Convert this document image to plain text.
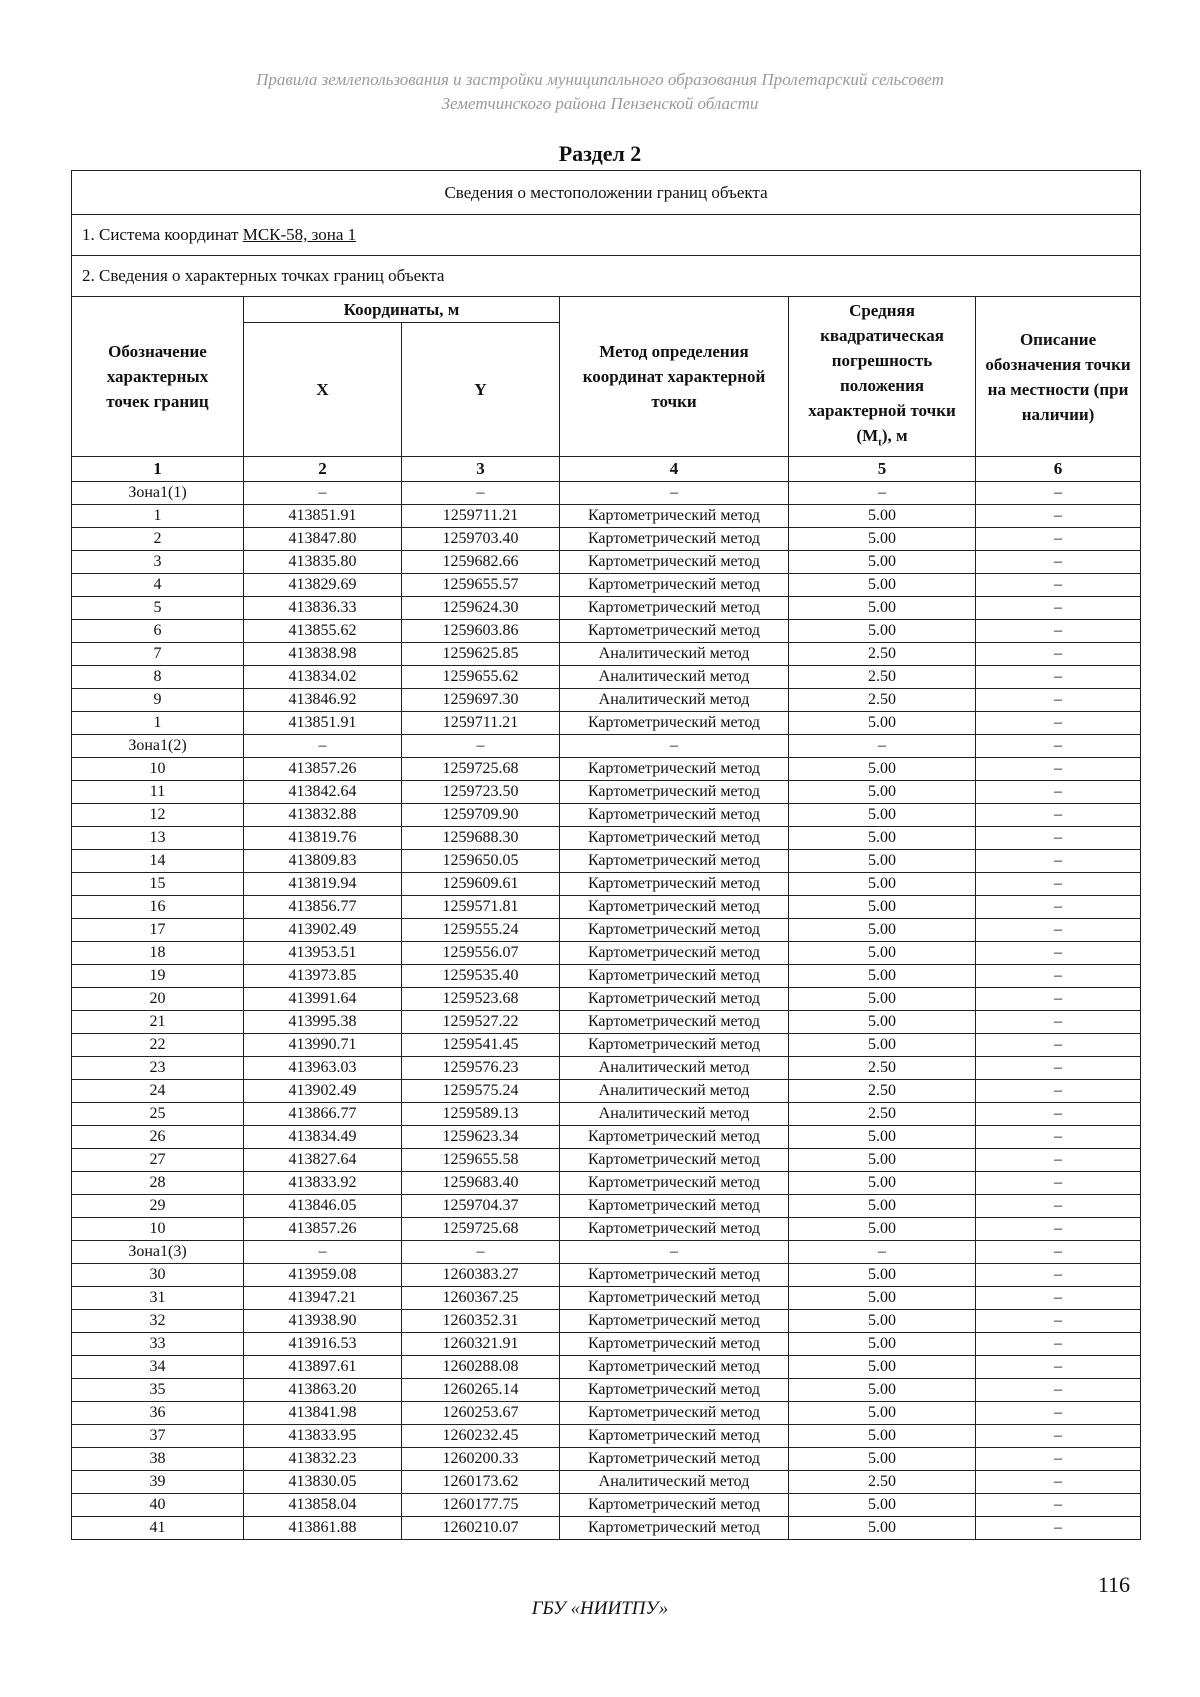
Правила землепользования и застройки муниципального образования Пролетарский сельсовет
Земетчинского района Пензенской области
Раздел 2
Сведения о местоположении границ объекта					
1. Система координат МСК-58, зона 1					
2. Сведения о характерных точках границ объекта					
Обозначение характерных точек границ	Координаты, м		Метод определения координат характерной точки	Средняя квадратическая погрешность положения характерной точки $(M_t)$, м	Описание обозначения точки на местности (при наличии)
	X	Y			
1	2	3	4	5	6
Зона1(1)	–	–	–	–	–
1	413851.91	1259711.21	Картометрический метод	5.00	–
2	413847.80	1259703.40	Картометрический метод	5.00	–
3	413835.80	1259682.66	Картометрический метод	5.00	–
4	413829.69	1259655.57	Картометрический метод	5.00	–
5	413836.33	1259624.30	Картометрический метод	5.00	–
6	413855.62	1259603.86	Картометрический метод	5.00	–
7	413838.98	1259625.85	Аналитический метод	2.50	–
8	413834.02	1259655.62	Аналитический метод	2.50	–
9	413846.92	1259697.30	Аналитический метод	2.50	–
1	413851.91	1259711.21	Картометрический метод	5.00	–
Зона1(2)	–	–	–	–	–
10	413857.26	1259725.68	Картометрический метод	5.00	–
11	413842.64	1259723.50	Картометрический метод	5.00	–
12	413832.88	1259709.90	Картометрический метод	5.00	–
13	413819.76	1259688.30	Картометрический метод	5.00	–
14	413809.83	1259650.05	Картометрический метод	5.00	–
15	413819.94	1259609.61	Картометрический метод	5.00	–
16	413856.77	1259571.81	Картометрический метод	5.00	–
17	413902.49	1259555.24	Картометрический метод	5.00	–
18	413953.51	1259556.07	Картометрический метод	5.00	–
19	413973.85	1259535.40	Картометрический метод	5.00	–
20	413991.64	1259523.68	Картометрический метод	5.00	–
21	413995.38	1259527.22	Картометрический метод	5.00	–
22	413990.71	1259541.45	Картометрический метод	5.00	–
23	413963.03	1259576.23	Аналитический метод	2.50	–
24	413902.49	1259575.24	Аналитический метод	2.50	–
25	413866.77	1259589.13	Аналитический метод	2.50	–
26	413834.49	1259623.34	Картометрический метод	5.00	–
27	413827.64	1259655.58	Картометрический метод	5.00	–
28	413833.92	1259683.40	Картометрический метод	5.00	–
29	413846.05	1259704.37	Картометрический метод	5.00	–
10	413857.26	1259725.68	Картометрический метод	5.00	–
Зона1(3)	–	–	–	–	–
30	413959.08	1260383.27	Картометрический метод	5.00	–
31	413947.21	1260367.25	Картометрический метод	5.00	–
32	413938.90	1260352.31	Картометрический метод	5.00	–
33	413916.53	1260321.91	Картометрический метод	5.00	–
34	413897.61	1260288.08	Картометрический метод	5.00	–
35	413863.20	1260265.14	Картометрический метод	5.00	–
36	413841.98	1260253.67	Картометрический метод	5.00	–
37	413833.95	1260232.45	Картометрический метод	5.00	–
38	413832.23	1260200.33	Картометрический метод	5.00	–
39	413830.05	1260173.62	Аналитический метод	2.50	–
40	413858.04	1260177.75	Картометрический метод	5.00	–
41	413861.88	1260210.07	Картометрический метод	5.00	–
116
ГБУ «НИИТПУ»
